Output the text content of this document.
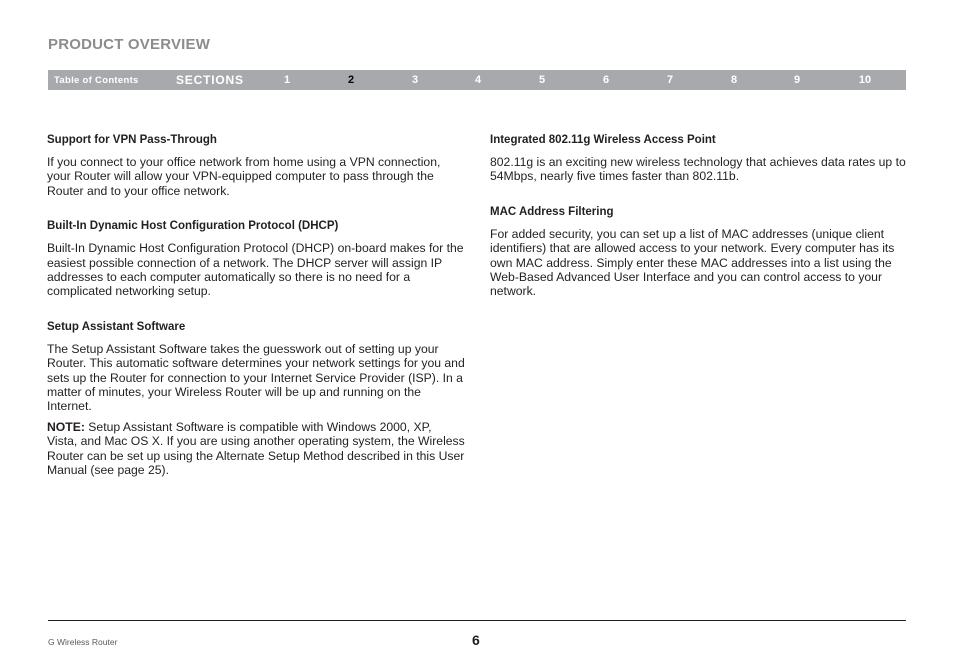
PRODUCT OVERVIEW
Table of Contents	SECTIONS	1	2	3	4	5	6	7	8	9	10
Support for VPN Pass-Through

If you connect to your office network from home using a VPN connection, your Router will allow your VPN-equipped computer to pass through the Router and to your office network.

Built-In Dynamic Host Configuration Protocol (DHCP)

Built-In Dynamic Host Configuration Protocol (DHCP) on-board makes for the easiest possible connection of a network. The DHCP server will assign IP addresses to each computer automatically so there is no need for a complicated networking setup.

Setup Assistant Software

The Setup Assistant Software takes the guesswork out of setting up your Router. This automatic software determines your network settings for you and sets up the Router for connection to your Internet Service Provider (ISP). In a matter of minutes, your Wireless Router will be up and running on the Internet.

NOTE: Setup Assistant Software is compatible with Windows 2000, XP, Vista, and Mac OS X. If you are using another operating system, the Wireless Router can be set up using the Alternate Setup Method described in this User Manual (see page 25).

Integrated 802.11g Wireless Access Point

802.11g is an exciting new wireless technology that achieves data rates up to 54Mbps, nearly five times faster than 802.11b.

MAC Address Filtering

For added security, you can set up a list of MAC addresses (unique client identifiers) that are allowed access to your network. Every computer has its own MAC address. Simply enter these MAC addresses into a list using the Web-Based Advanced User Interface and you can control access to your network.

G Wireless Router	6
